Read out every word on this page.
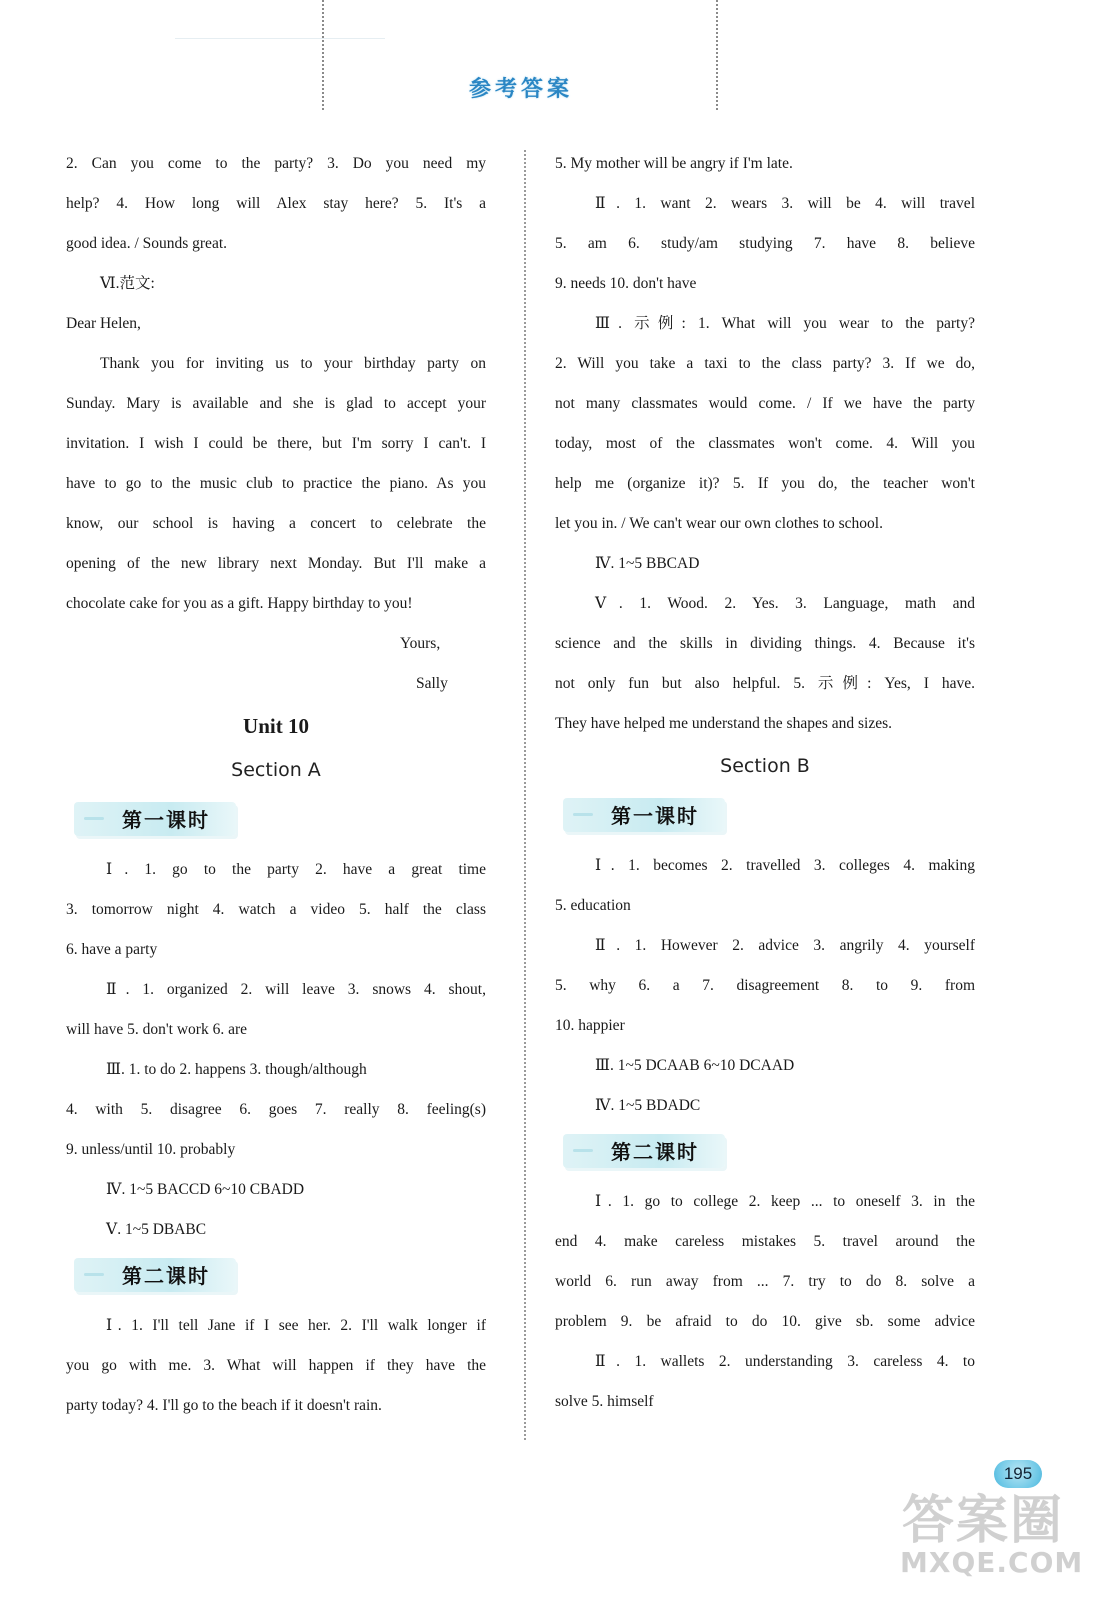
参考答案
2. Can you come to the party? 3. Do you need my
help? 4. How long will Alex stay here? 5. It's a
good idea. / Sounds great.
Ⅵ.范文:
Dear Helen,
Thank you for inviting us to your birthday party on
Sunday. Mary is available and she is glad to accept your
invitation. I wish I could be there, but I'm sorry I can't. I
have to go to the music club to practice the piano. As you
know, our school is having a concert to celebrate the
opening of the new library next Monday. But I'll make a
chocolate cake for you as a gift. Happy birthday to you!
Yours,
Sally
Unit 10
Section A
第一课时
Ⅰ. 1. go to the party 2. have a great time
3. tomorrow night 4. watch a video 5. half the class
6. have a party
Ⅱ. 1. organized 2. will leave 3. snows 4. shout,
will have 5. don't work 6. are
Ⅲ. 1. to do 2. happens 3. though/although
4. with 5. disagree 6. goes 7. really 8. feeling(s)
9. unless/until 10. probably
Ⅳ. 1~5 BACCD 6~10 CBADD
Ⅴ. 1~5 DBABC
第二课时
Ⅰ. 1. I'll tell Jane if I see her. 2. I'll walk longer if
you go with me. 3. What will happen if they have the
party today? 4. I'll go to the beach if it doesn't rain.
5. My mother will be angry if I'm late.
Ⅱ. 1. want 2. wears 3. will be 4. will travel
5. am 6. study/am studying 7. have 8. believe
9. needs 10. don't have
Ⅲ. 示例: 1. What will you wear to the party?
2. Will you take a taxi to the class party? 3. If we do,
not many classmates would come. / If we have the party
today, most of the classmates won't come. 4. Will you
help me (organize it)? 5. If you do, the teacher won't
let you in. / We can't wear our own clothes to school.
Ⅳ. 1~5 BBCAD
Ⅴ. 1. Wood. 2. Yes. 3. Language, math and
science and the skills in dividing things. 4. Because it's
not only fun but also helpful. 5. 示例: Yes, I have.
They have helped me understand the shapes and sizes.
Section B
第一课时
Ⅰ. 1. becomes 2. travelled 3. colleges 4. making
5. education
Ⅱ. 1. However 2. advice 3. angrily 4. yourself
5. why 6. a 7. disagreement 8. to 9. from
10. happier
Ⅲ. 1~5 DCAAB 6~10 DCAAD
Ⅳ. 1~5 BDADC
第二课时
Ⅰ. 1. go to college 2. keep ... to oneself 3. in the
end 4. make careless mistakes 5. travel around the
world 6. run away from ... 7. try to do 8. solve a
problem 9. be afraid to do 10. give sb. some advice
Ⅱ. 1. wallets 2. understanding 3. careless 4. to
solve 5. himself
195
答案圈
MXQE.COM
